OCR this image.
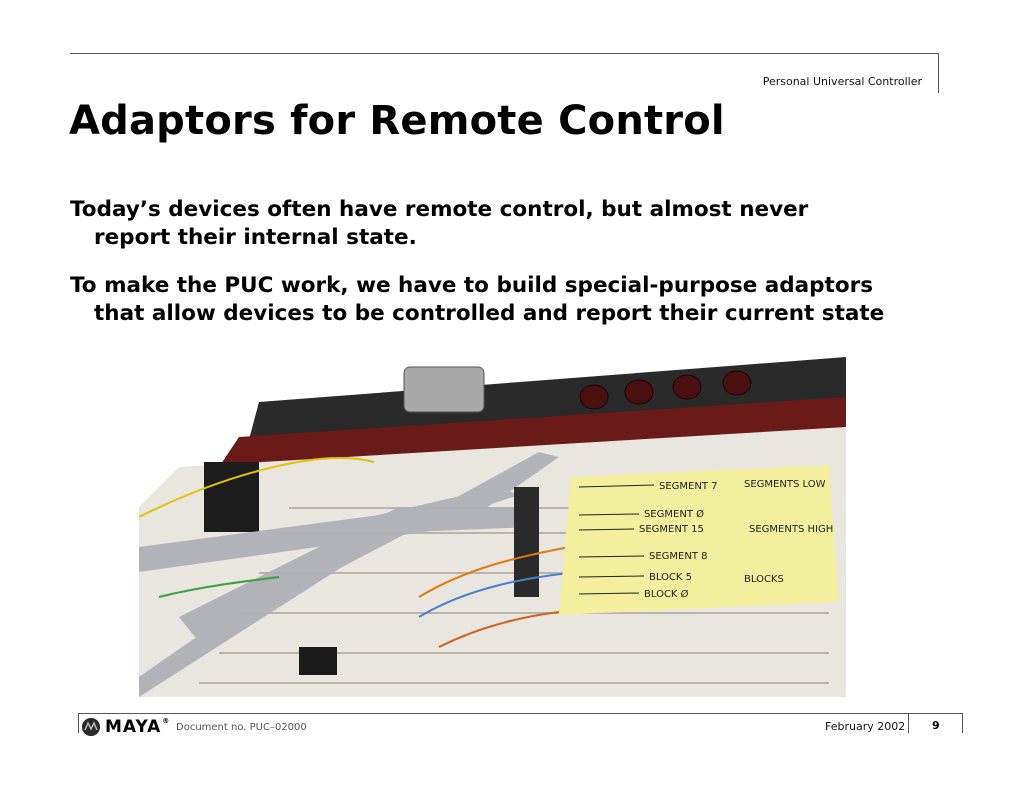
Personal Universal Controller
Adaptors for Remote Control

Today’s devices often have remote control, but almost never
report their internal state.

To make the PUC work, we have to build special-purpose adaptors
that allow devices to be controlled and report their current state

SEGMENT 7
SEGMENT Ø
SEGMENT 15
SEGMENT 8
BLOCK 5
BLOCK Ø
SEGMENTS LOW
SEGMENTS HIGH
BLOCKS
MAYA®
Document no. PUC–02000	February 2002 9
